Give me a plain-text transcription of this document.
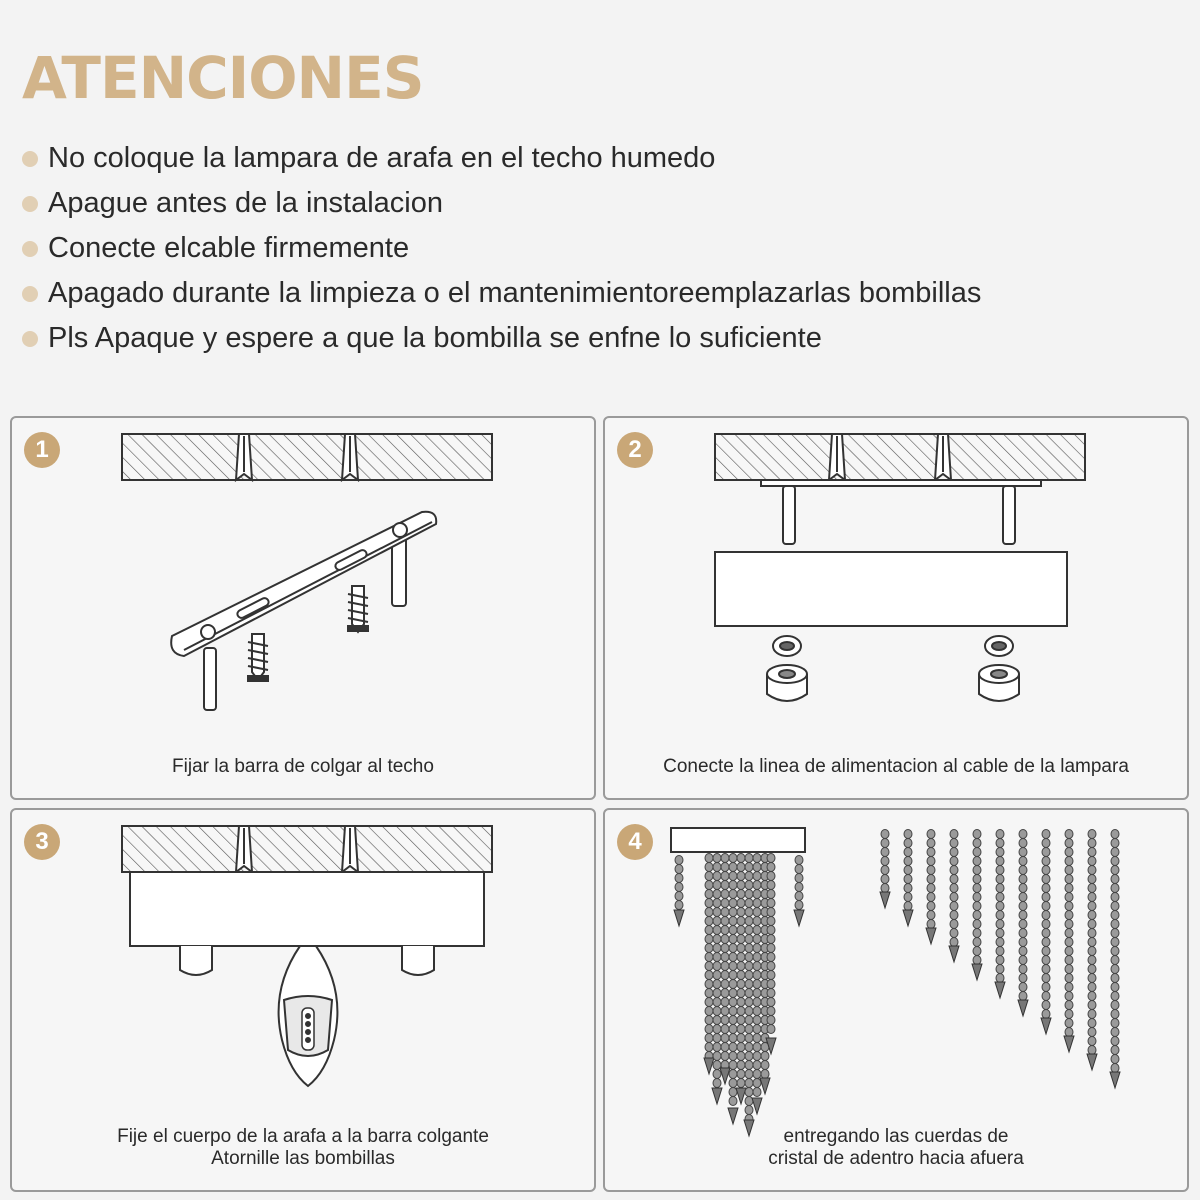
ATENCIONES
No coloque la lampara de arafa en el techo humedo
Apague antes de la instalacion
Conecte elcable firmemente
Apagado durante la limpieza o el mantenimientoreemplazarlas bombillas
Pls Apaque y espere a que la bombilla se enfne lo suficiente
1
Fijar la barra de colgar al techo
2
Conecte la linea de alimentacion al cable de la lampara
3
Fije el cuerpo de la arafa a la barra colgante
Atornille las bombillas
4
entregando las cuerdas de
cristal de adentro hacia afuera
